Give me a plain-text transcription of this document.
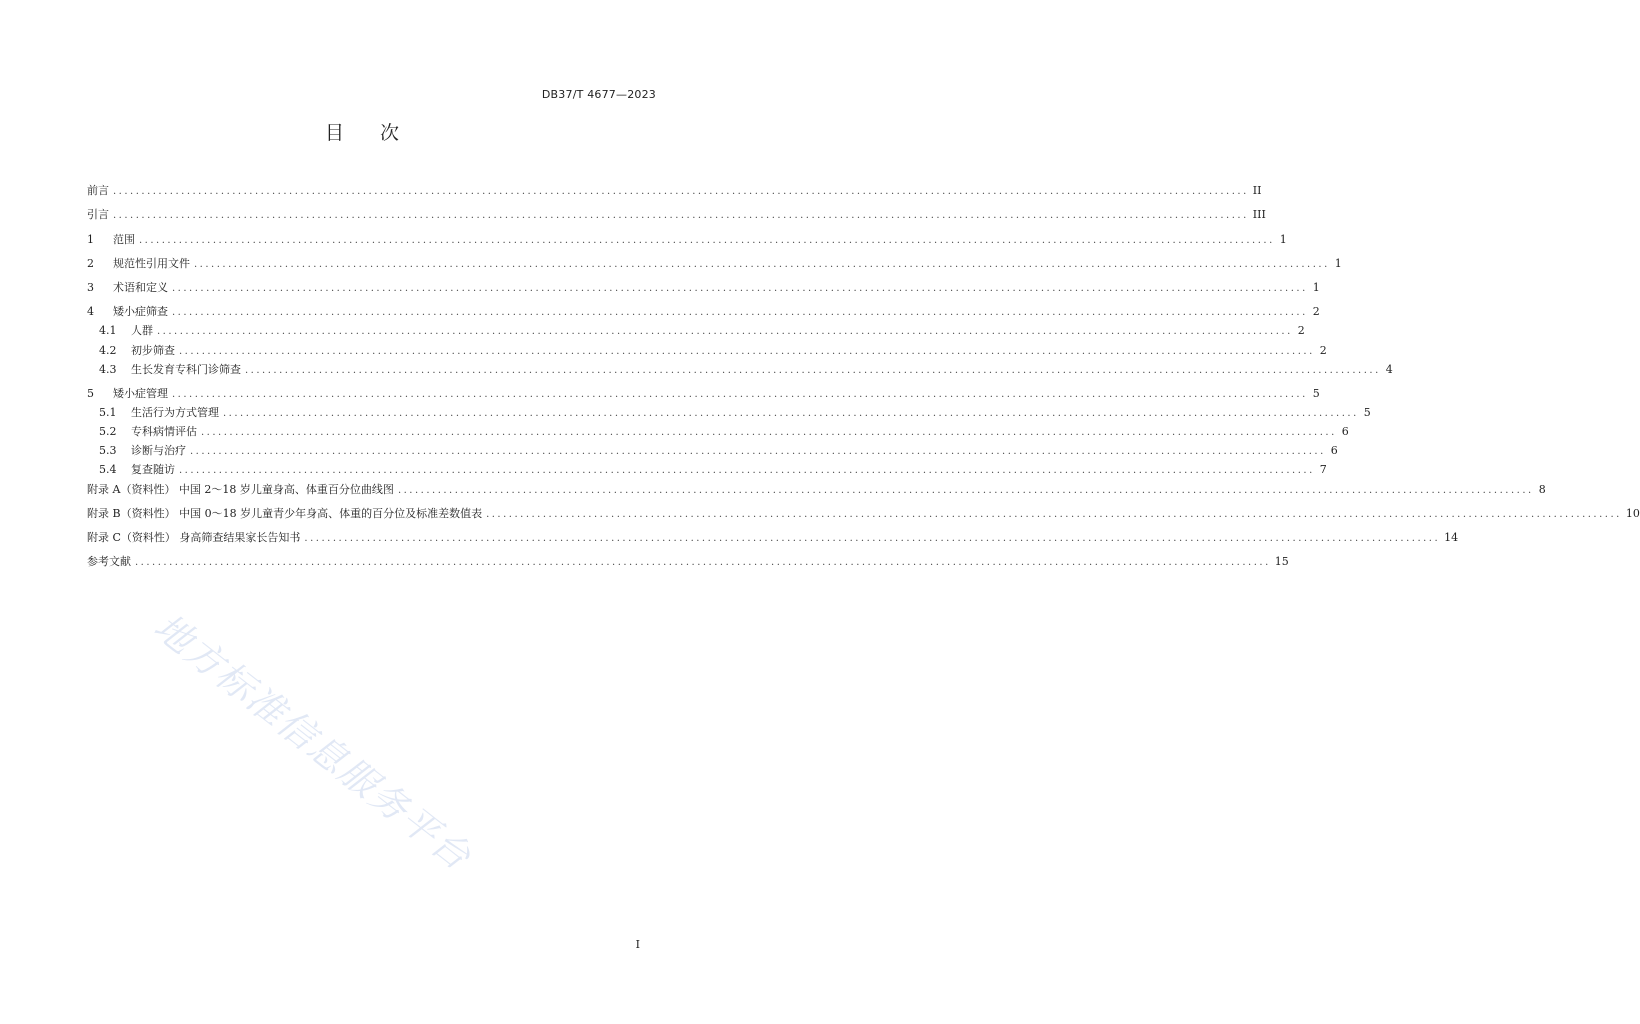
DB37/T 4677—2023
目 次
前言 ........................................................................................................................................................................................................ II
引言 ........................................................................................................................................................................................................ III
1 范围 ........................................................................................................................................................................................................ 1
2 规范性引用文件 ........................................................................................................................................................................................................ 1
3 术语和定义 ........................................................................................................................................................................................................ 1
4 矮小症筛查 ........................................................................................................................................................................................................ 2
4.1 人群 ........................................................................................................................................................................................................ 2
4.2 初步筛查 ........................................................................................................................................................................................................ 2
4.3 生长发育专科门诊筛查 ........................................................................................................................................................................................................ 4
5 矮小症管理 ........................................................................................................................................................................................................ 5
5.1 生活行为方式管理 ........................................................................................................................................................................................................ 5
5.2 专科病情评估 ........................................................................................................................................................................................................ 6
5.3 诊断与治疗 ........................................................................................................................................................................................................ 6
5.4 复查随访 ........................................................................................................................................................................................................ 7
附录 A（资料性） 中国 2～18 岁儿童身高、体重百分位曲线图 ........................................................................................................................................................................................................ 8
附录 B（资料性） 中国 0～18 岁儿童青少年身高、体重的百分位及标准差数值表 ........................................................................................................................................................................................................ 10
附录 C（资料性） 身高筛查结果家长告知书 ........................................................................................................................................................................................................ 14
参考文献 ........................................................................................................................................................................................................ 15
地方标准信息服务平台
I
